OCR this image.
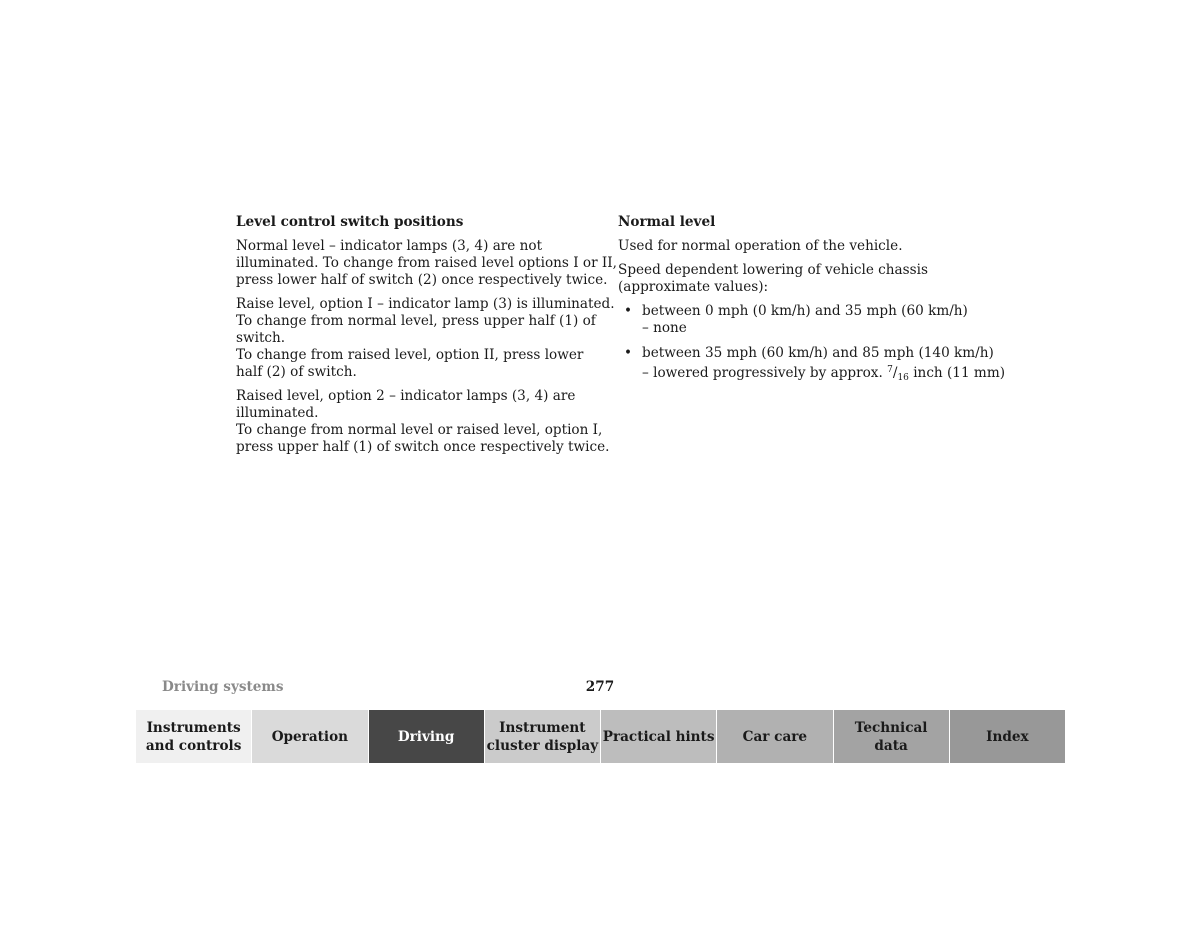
Level control switch positions
Normal level – indicator lamps (3, 4) are not
illuminated. To change from raised level options I or II,
press lower half of switch (2) once respectively twice.
Raise level, option I – indicator lamp (3) is illuminated.
To change from normal level, press upper half (1) of
switch.
To change from raised level, option II, press lower
half (2) of switch.
Raised level, option 2 – indicator lamps (3, 4) are
illuminated.
To change from normal level or raised level, option I,
press upper half (1) of switch once respectively twice.
Normal level
Used for normal operation of the vehicle.
Speed dependent lowering of vehicle chassis
(approximate values):
• between 0 mph (0 km/h) and 35 mph (60 km/h)
– none
• between 35 mph (60 km/h) and 85 mph (140 km/h)
– lowered progressively by approx. $^7/_{16}$ inch (11 mm)
Driving systems	277
Instruments
and controls
Operation	Driving
Instrument
cluster display
Practical hints Car care
Technical
data
Index
